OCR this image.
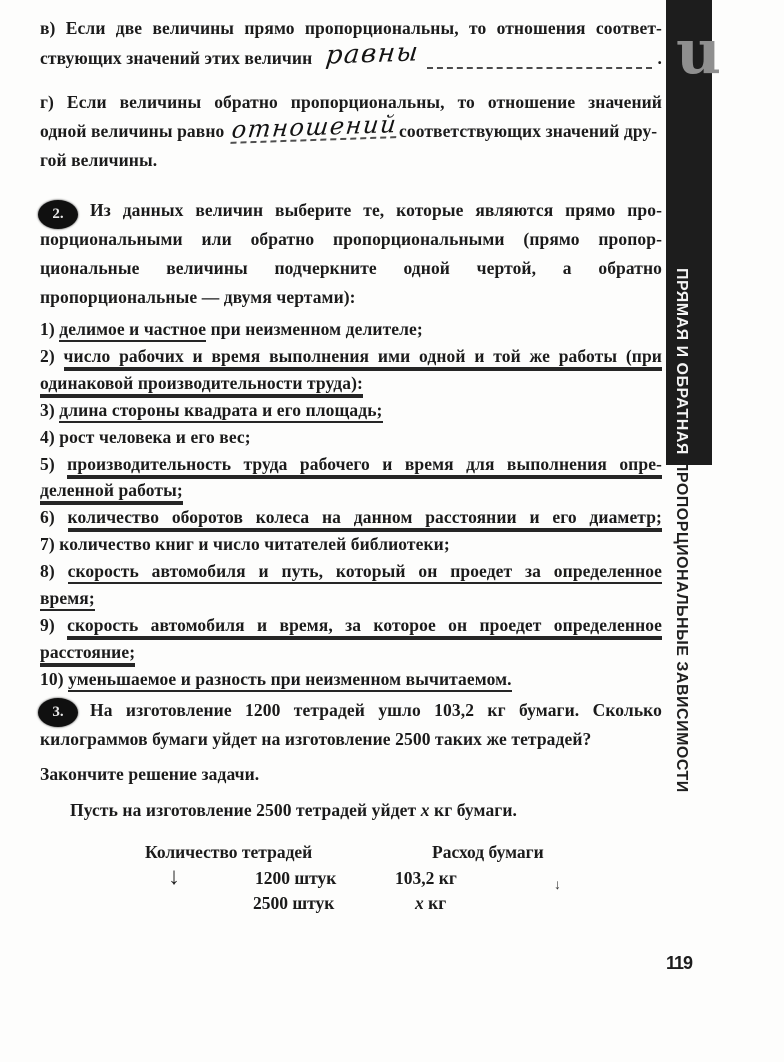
в) Если две величины прямо пропорциональны, то отношения соответ-
ствующих значений этих величин равны	.
г) Если величины обратно пропорциональны, то отношение значений
одной величины равно отношенийсоответствующих значений дру-
гой величины.
2.	Из данных величин выберите те, которые являются прямо про-
порциональными или обратно пропорциональными (прямо пропор-
циональные величины подчеркните одной чертой, а обратно
пропорциональные — двумя чертами):
1) делимое и частное при неизменном делителе;
2) число рабочих и время выполнения ими одной и той же работы (при
одинаковой производительности труда):
3) длина стороны квадрата и его площадь;
4) рост человека и его вес;
5) производительность труда рабочего и время для выполнения опре-
деленной работы;
6) количество оборотов колеса на данном расстоянии и его диаметр;
7) количество книг и число читателей библиотеки;
8) скорость автомобиля и путь, который он проедет за определенное
время;
9) скорость автомобиля и время, за которое он проедет определенное
расстояние;
10) уменьшаемое и разность при неизменном вычитаемом.
3.	На изготовление 1200 тетрадей ушло 103,2 кг бумаги. Сколько
килограммов бумаги уйдет на изготовление 2500 таких же тетрадей?
Закончите решение задачи.
Пусть на изготовление 2500 тетрадей уйдет x кг бумаги.
Количество тетрадей	Расход бумаги
1200 штук	103,2 кг
2500 штук	x кг
↓	↓
u
ПРЯМАЯ И ОБРАТНАЯ ПРОПОРЦИОНАЛЬНЫЕ ЗАВИСИМОСТИ
119
